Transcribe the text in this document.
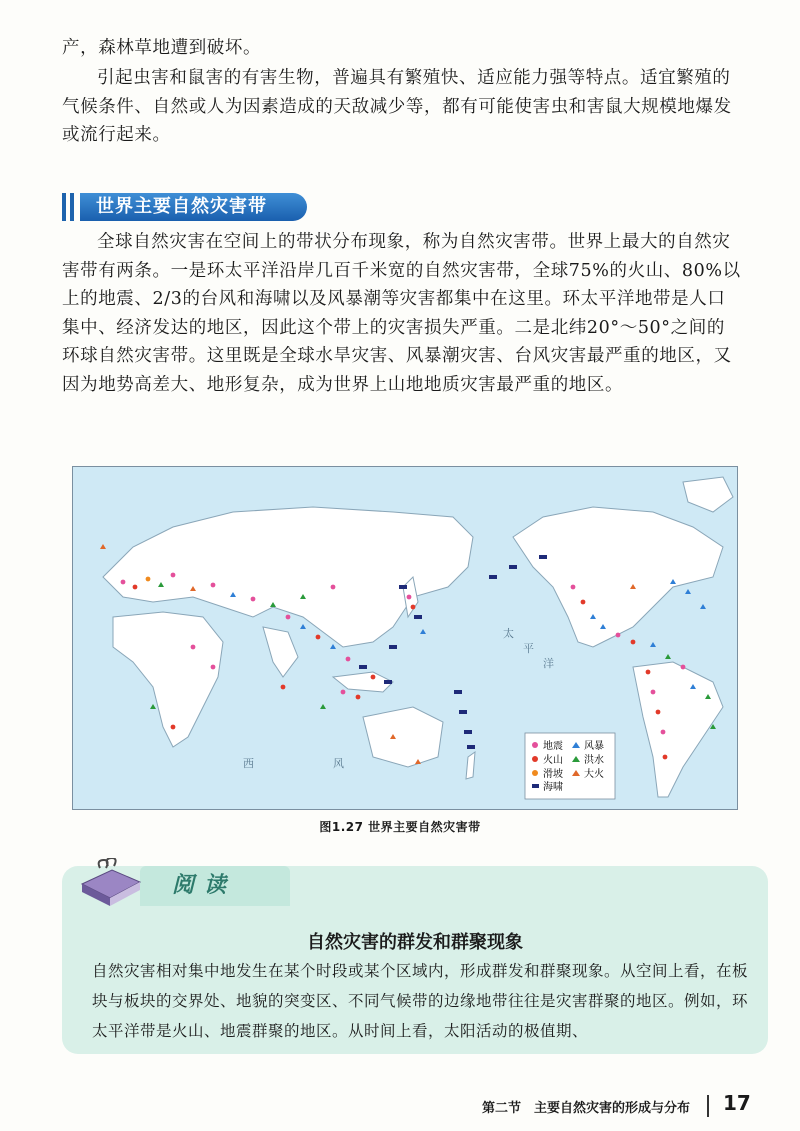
产，森林草地遭到破坏。

引起虫害和鼠害的有害生物，普遍具有繁殖快、适应能力强等特点。适宜繁殖的气候条件、自然或人为因素造成的天敌减少等，都有可能使害虫和害鼠大规模地爆发或流行起来。

世界主要自然灾害带

全球自然灾害在空间上的带状分布现象，称为自然灾害带。世界上最大的自然灾害带有两条。一是环太平洋沿岸几百千米宽的自然灾害带，全球75%的火山、80%以上的地震、2/3的台风和海啸以及风暴潮等灾害都集中在这里。环太平洋地带是人口集中、经济发达的地区，因此这个带上的灾害损失严重。二是北纬20°～50°之间的环球自然灾害带。这里既是全球水旱灾害、风暴潮灾害、台风灾害最严重的地区，又因为地势高差大、地形复杂，成为世界上山地地质灾害最严重的地区。

太
平
洋
西	风
地震
火山
滑坡
海啸
风暴
洪水
大火
图1.27 世界主要自然灾害带
阅读
自然灾害的群发和群聚现象

自然灾害相对集中地发生在某个时段或某个区域内，形成群发和群聚现象。从空间上看，在板块与板块的交界处、地貌的突变区、不同气候带的边缘地带往往是灾害群聚的地区。例如，环太平洋带是火山、地震群聚的地区。从时间上看，太阳活动的极值期、

第二节　主要自然灾害的形成与分布 17
